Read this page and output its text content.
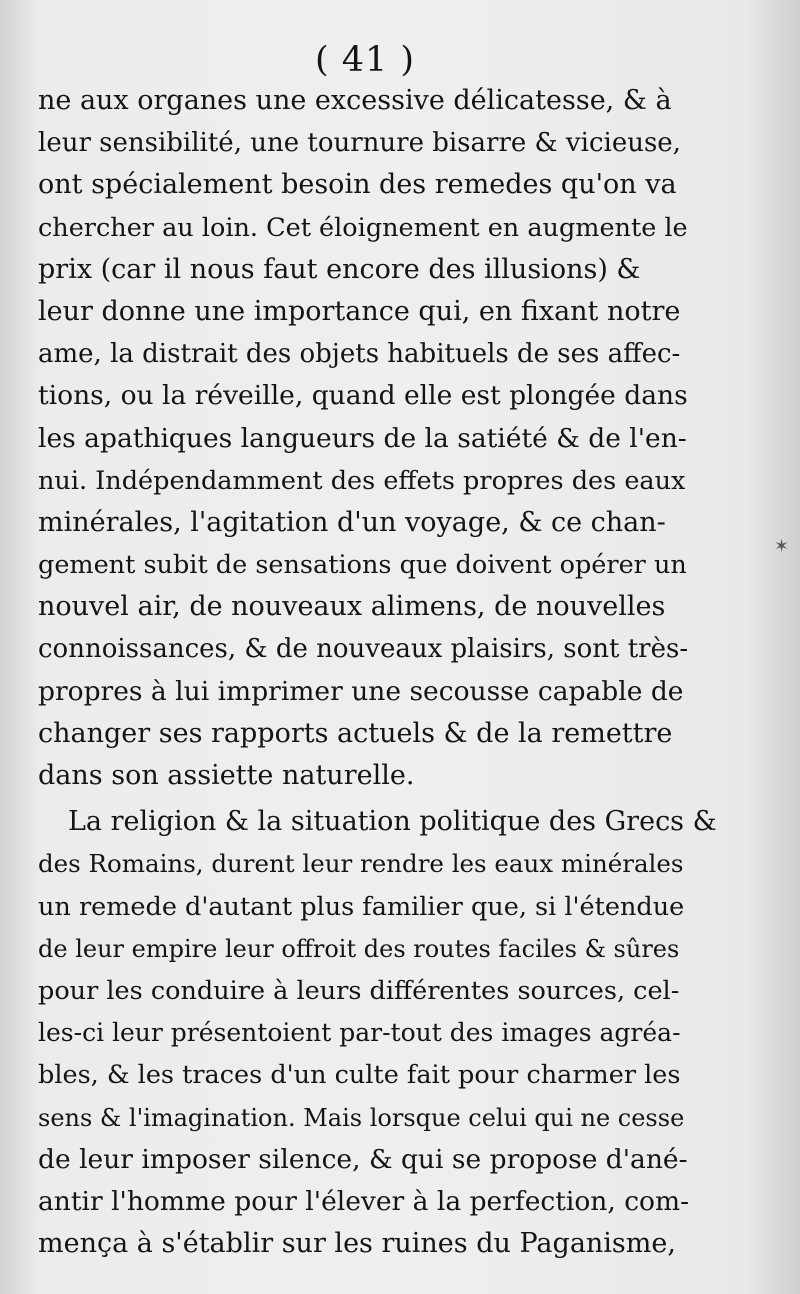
( 41 )
ne aux organes une excessive délicatesse, & à
leur sensibilité, une tournure bisarre & vicieuse,
ont spécialement besoin des remedes qu'on va
chercher au loin. Cet éloignement en augmente le
prix (car il nous faut encore des illusions) &
leur donne une importance qui, en fixant notre
ame, la distrait des objets habituels de ses affec-
tions, ou la réveille, quand elle est plongée dans
les apathiques langueurs de la satiété & de l'en-
nui. Indépendamment des effets propres des eaux
minérales, l'agitation d'un voyage, & ce chan-
gement subit de sensations que doivent opérer un
nouvel air, de nouveaux alimens, de nouvelles
connoissances, & de nouveaux plaisirs, sont très-
propres à lui imprimer une secousse capable de
changer ses rapports actuels & de la remettre
dans son assiette naturelle.
La religion & la situation politique des Grecs &
des Romains, durent leur rendre les eaux minérales
un remede d'autant plus familier que, si l'étendue
de leur empire leur offroit des routes faciles & sûres
pour les conduire à leurs différentes sources, cel-
les-ci leur présentoient par-tout des images agréa-
bles, & les traces d'un culte fait pour charmer les
sens & l'imagination. Mais lorsque celui qui ne cesse
de leur imposer silence, & qui se propose d'ané-
antir l'homme pour l'élever à la perfection, com-
mença à s'établir sur les ruines du Paganisme,
✶
